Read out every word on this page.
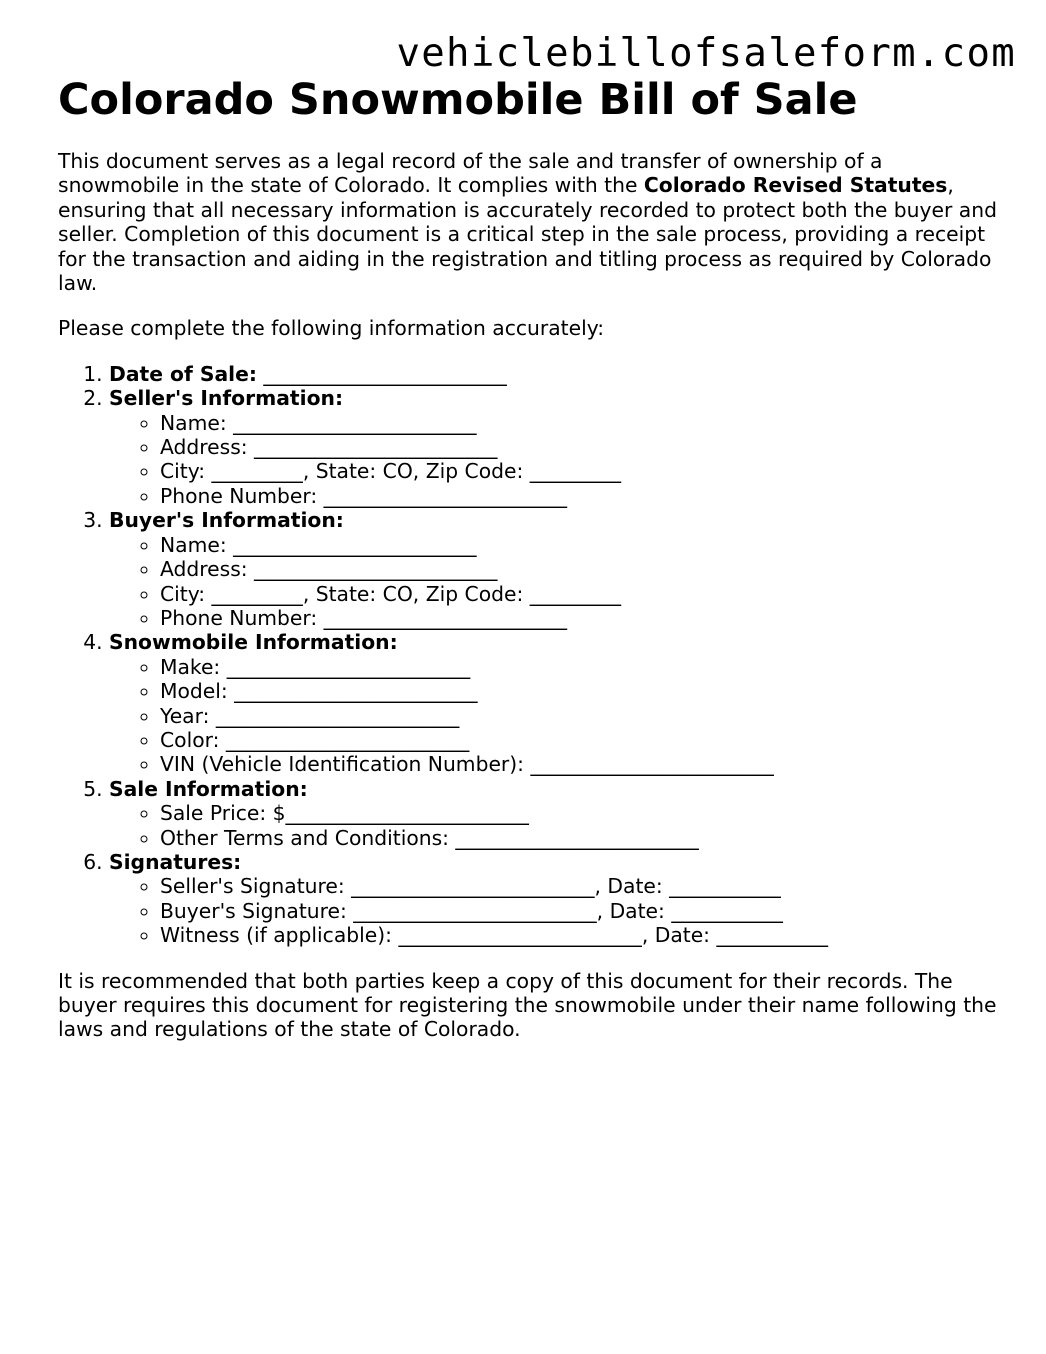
vehiclebillofsaleform.com
Colorado Snowmobile Bill of Sale

This document serves as a legal record of the sale and transfer of ownership of a snowmobile in the state of Colorado. It complies with the Colorado Revised Statutes, ensuring that all necessary information is accurately recorded to protect both the buyer and seller. Completion of this document is a critical step in the sale process, providing a receipt for the transaction and aiding in the registration and titling process as required by Colorado law.

Please complete the following information accurately:

1. Date of Sale: ________________________
2. Seller's Information:
◦ Name: ________________________
◦ Address: ________________________
◦ City: _________, State: CO, Zip Code: _________
◦ Phone Number: ________________________
3. Buyer's Information:
◦ Name: ________________________
◦ Address: ________________________
◦ City: _________, State: CO, Zip Code: _________
◦ Phone Number: ________________________
4. Snowmobile Information:
◦ Make: ________________________
◦ Model: ________________________
◦ Year: ________________________
◦ Color: ________________________
◦ VIN (Vehicle Identification Number): ________________________
5. Sale Information:
◦ Sale Price: $________________________
◦ Other Terms and Conditions: ________________________
6. Signatures:
◦ Seller's Signature: ________________________, Date: ___________
◦ Buyer's Signature: ________________________, Date: ___________
◦ Witness (if applicable): ________________________, Date: ___________

It is recommended that both parties keep a copy of this document for their records. The buyer requires this document for registering the snowmobile under their name following the laws and regulations of the state of Colorado.
